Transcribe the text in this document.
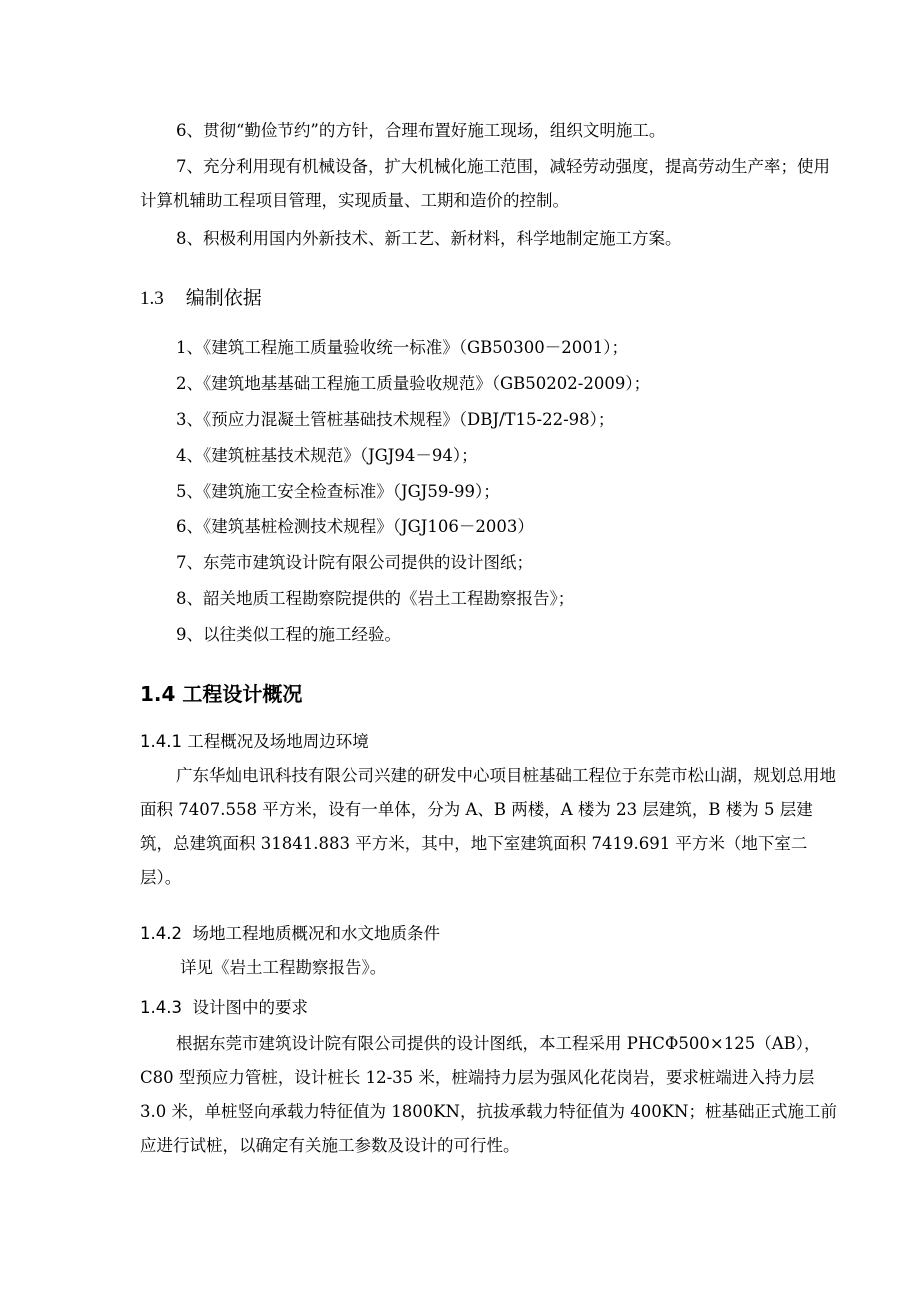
6、贯彻“勤俭节约”的方针，合理布置好施工现场，组织文明施工。

7、充分利用现有机械设备，扩大机械化施工范围，减轻劳动强度，提高劳动生产率；使用计算机辅助工程项目管理，实现质量、工期和造价的控制。

8、积极利用国内外新技术、新工艺、新材料，科学地制定施工方案。

1.3 编制依据

1、《建筑工程施工质量验收统一标准》（GB50300－2001）；

2、《建筑地基基础工程施工质量验收规范》（GB50202-2009）；

3、《预应力混凝土管桩基础技术规程》（DBJ/T15-22-98）；

4、《建筑桩基技术规范》（JGJ94－94）；

5、《建筑施工安全检查标准》（JGJ59-99）；

6、《建筑基桩检测技术规程》（JGJ106－2003）

7、东莞市建筑设计院有限公司提供的设计图纸；

8、韶关地质工程勘察院提供的《岩土工程勘察报告》；

9、以往类似工程的施工经验。

1.4 工程设计概况
1.4.1 工程概况及场地周边环境

广东华灿电讯科技有限公司兴建的研发中心项目桩基础工程位于东莞市松山湖，规划总用地面积 7407.558 平方米，设有一单体，分为 A、B 两楼，A 楼为 23 层建筑，B 楼为 5 层建筑，总建筑面积 31841.883 平方米，其中，地下室建筑面积 7419.691 平方米（地下室二层）。

1.4.2 场地工程地质概况和水文地质条件

详见《岩土工程勘察报告》。

1.4.3 设计图中的要求

根据东莞市建筑设计院有限公司提供的设计图纸，本工程采用 PHCΦ500×125（AB），C80 型预应力管桩，设计桩长 12-35 米，桩端持力层为强风化花岗岩，要求桩端进入持力层 3.0 米，单桩竖向承载力特征值为 1800KN，抗拔承载力特征值为 400KN；桩基础正式施工前应进行试桩，以确定有关施工参数及设计的可行性。
